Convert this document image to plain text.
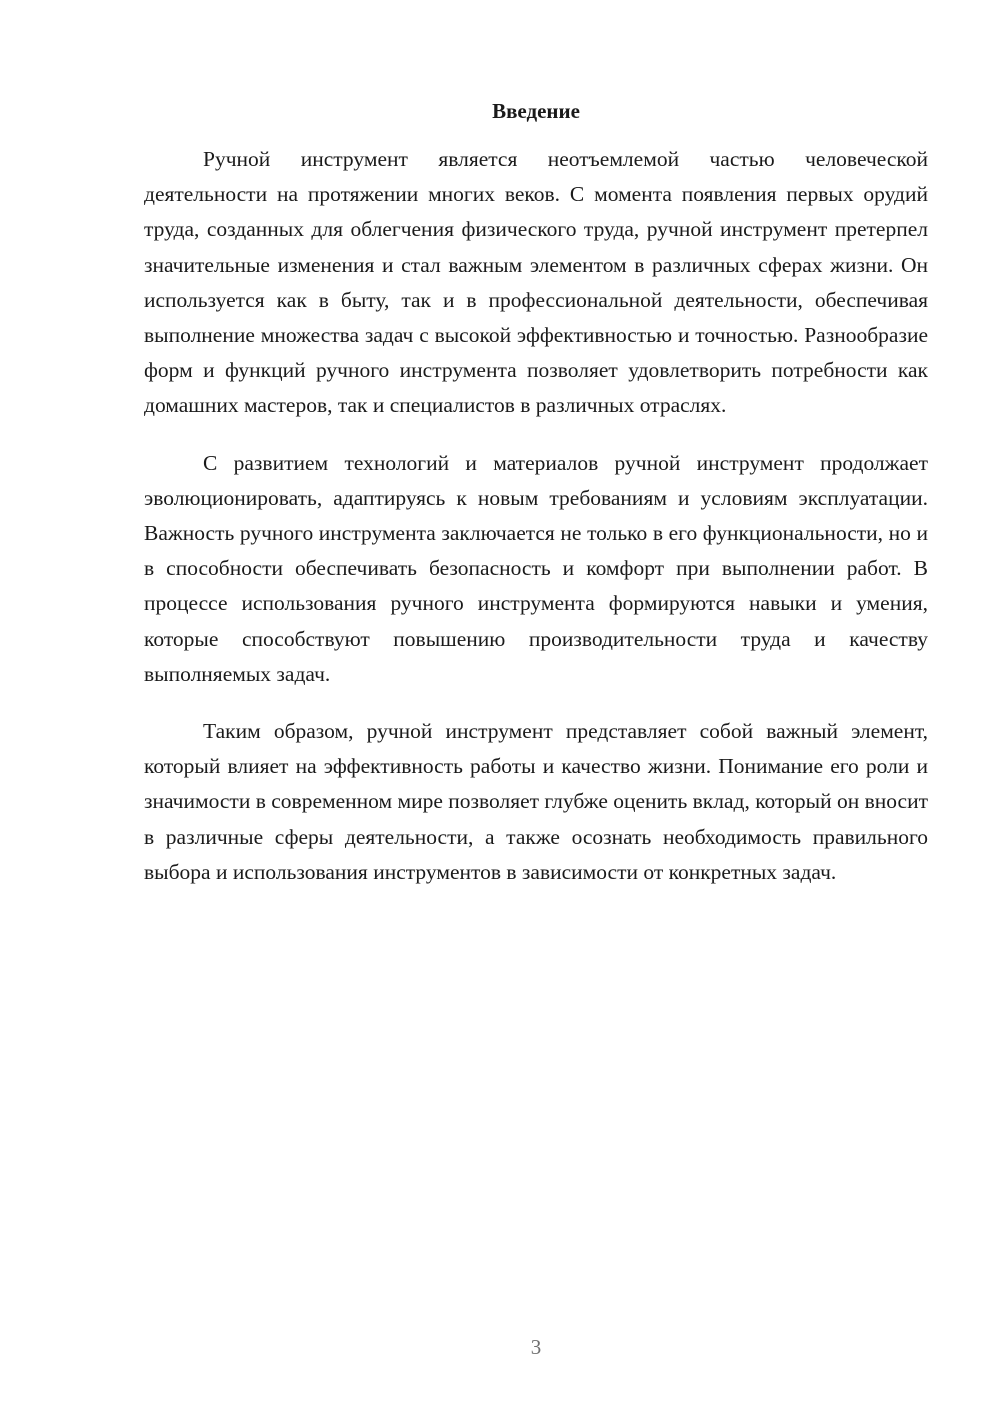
Введение

Ручной инструмент является неотъемлемой частью человеческой деятельности на протяжении многих веков. С момента появления первых орудий труда, созданных для облегчения физического труда, ручной инструмент претерпел значительные изменения и стал важным элементом в различных сферах жизни. Он используется как в быту, так и в профессиональной деятельности, обеспечивая выполнение множества задач с высокой эффективностью и точностью. Разнообразие форм и функций ручного инструмента позволяет удовлетворить потребности как домашних мастеров, так и специалистов в различных отраслях.

С развитием технологий и материалов ручной инструмент продолжает эволюционировать, адаптируясь к новым требованиям и условиям эксплуатации. Важность ручного инструмента заключается не только в его функциональности, но и в способности обеспечивать безопасность и комфорт при выполнении работ. В процессе использования ручного инструмента формируются навыки и умения, которые способствуют повышению производительности труда и качеству выполняемых задач.

Таким образом, ручной инструмент представляет собой важный элемент, который влияет на эффективность работы и качество жизни. Понимание его роли и значимости в современном мире позволяет глубже оценить вклад, который он вносит в различные сферы деятельности, а также осознать необходимость правильного выбора и использования инструментов в зависимости от конкретных задач.

3
